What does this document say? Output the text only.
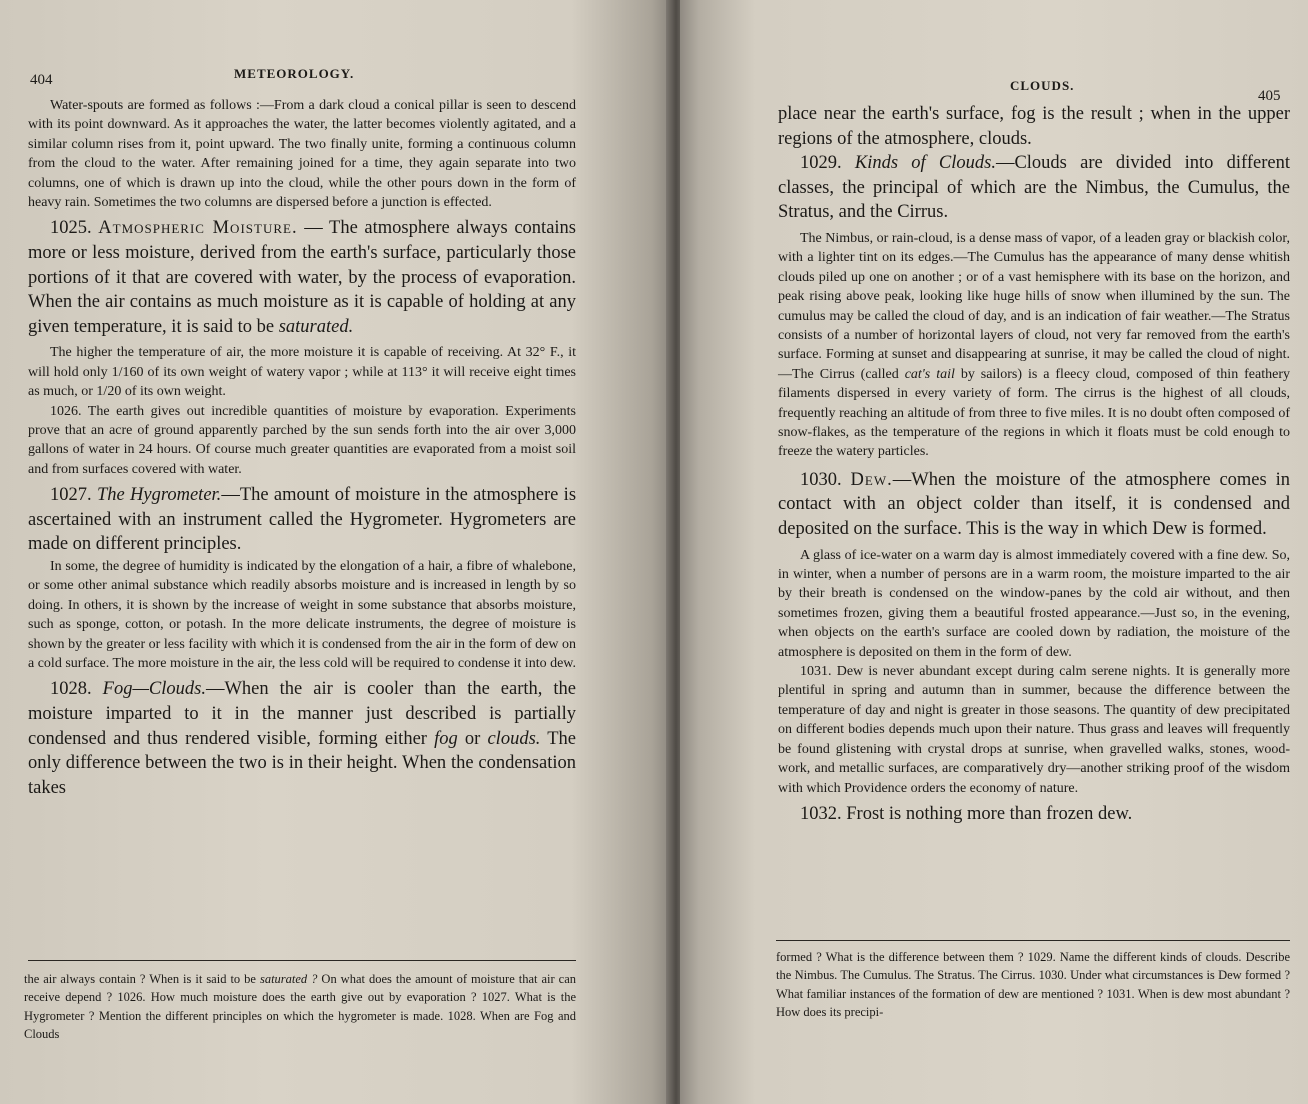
404	METEOROLOGY.

Water-spouts are formed as follows :—From a dark cloud a conical pillar is seen to descend with its point downward. As it approaches the water, the latter becomes violently agitated, and a similar column rises from it, point upward. The two finally unite, forming a continuous column from the cloud to the water. After remaining joined for a time, they again separate into two columns, one of which is drawn up into the cloud, while the other pours down in the form of heavy rain. Sometimes the two columns are dispersed before a junction is effected.

1025. Atmospheric Moisture. — The atmosphere always contains more or less moisture, derived from the earth's surface, particularly those portions of it that are covered with water, by the process of evaporation. When the air contains as much moisture as it is capable of holding at any given temperature, it is said to be saturated.

The higher the temperature of air, the more moisture it is capable of receiving. At 32° F., it will hold only 1/160 of its own weight of watery vapor ; while at 113° it will receive eight times as much, or 1/20 of its own weight.

1026. The earth gives out incredible quantities of moisture by evaporation. Experiments prove that an acre of ground apparently parched by the sun sends forth into the air over 3,000 gallons of water in 24 hours. Of course much greater quantities are evaporated from a moist soil and from surfaces covered with water.

1027. The Hygrometer.—The amount of moisture in the atmosphere is ascertained with an instrument called the Hygrometer. Hygrometers are made on different principles.

In some, the degree of humidity is indicated by the elongation of a hair, a fibre of whalebone, or some other animal substance which readily absorbs moisture and is increased in length by so doing. In others, it is shown by the increase of weight in some substance that absorbs moisture, such as sponge, cotton, or potash. In the more delicate instruments, the degree of moisture is shown by the greater or less facility with which it is condensed from the air in the form of dew on a cold surface. The more moisture in the air, the less cold will be required to condense it into dew.

1028. Fog—Clouds.—When the air is cooler than the earth, the moisture imparted to it in the manner just described is partially condensed and thus rendered visible, forming either fog or clouds. The only difference between the two is in their height. When the condensation takes

the air always contain ? When is it said to be saturated ? On what does the amount of moisture that air can receive depend ? 1026. How much moisture does the earth give out by evaporation ? 1027. What is the Hygrometer ? Mention the different principles on which the hygrometer is made. 1028. When are Fog and Clouds

CLOUDS.
405

place near the earth's surface, fog is the result ; when in the upper regions of the atmosphere, clouds.

1029. Kinds of Clouds.—Clouds are divided into different classes, the principal of which are the Nimbus, the Cumulus, the Stratus, and the Cirrus.

The Nimbus, or rain-cloud, is a dense mass of vapor, of a leaden gray or blackish color, with a lighter tint on its edges.—The Cumulus has the appearance of many dense whitish clouds piled up one on another ; or of a vast hemisphere with its base on the horizon, and peak rising above peak, looking like huge hills of snow when illumined by the sun. The cumulus may be called the cloud of day, and is an indication of fair weather.—The Stratus consists of a number of horizontal layers of cloud, not very far removed from the earth's surface. Forming at sunset and disappearing at sunrise, it may be called the cloud of night.—The Cirrus (called cat's tail by sailors) is a fleecy cloud, composed of thin feathery filaments dispersed in every variety of form. The cirrus is the highest of all clouds, frequently reaching an altitude of from three to five miles. It is no doubt often composed of snow-flakes, as the temperature of the regions in which it floats must be cold enough to freeze the watery particles.

1030. Dew.—When the moisture of the atmosphere comes in contact with an object colder than itself, it is condensed and deposited on the surface. This is the way in which Dew is formed.

A glass of ice-water on a warm day is almost immediately covered with a fine dew. So, in winter, when a number of persons are in a warm room, the moisture imparted to the air by their breath is condensed on the window-panes by the cold air without, and then sometimes frozen, giving them a beautiful frosted appearance.—Just so, in the evening, when objects on the earth's surface are cooled down by radiation, the moisture of the atmosphere is deposited on them in the form of dew.

1031. Dew is never abundant except during calm serene nights. It is generally more plentiful in spring and autumn than in summer, because the difference between the temperature of day and night is greater in those seasons. The quantity of dew precipitated on different bodies depends much upon their nature. Thus grass and leaves will frequently be found glistening with crystal drops at sunrise, when gravelled walks, stones, wood-work, and metallic surfaces, are comparatively dry—another striking proof of the wisdom with which Providence orders the economy of nature.

1032. Frost is nothing more than frozen dew.

formed ? What is the difference between them ? 1029. Name the different kinds of clouds. Describe the Nimbus. The Cumulus. The Stratus. The Cirrus. 1030. Under what circumstances is Dew formed ? What familiar instances of the formation of dew are mentioned ? 1031. When is dew most abundant ? How does its precipi-
